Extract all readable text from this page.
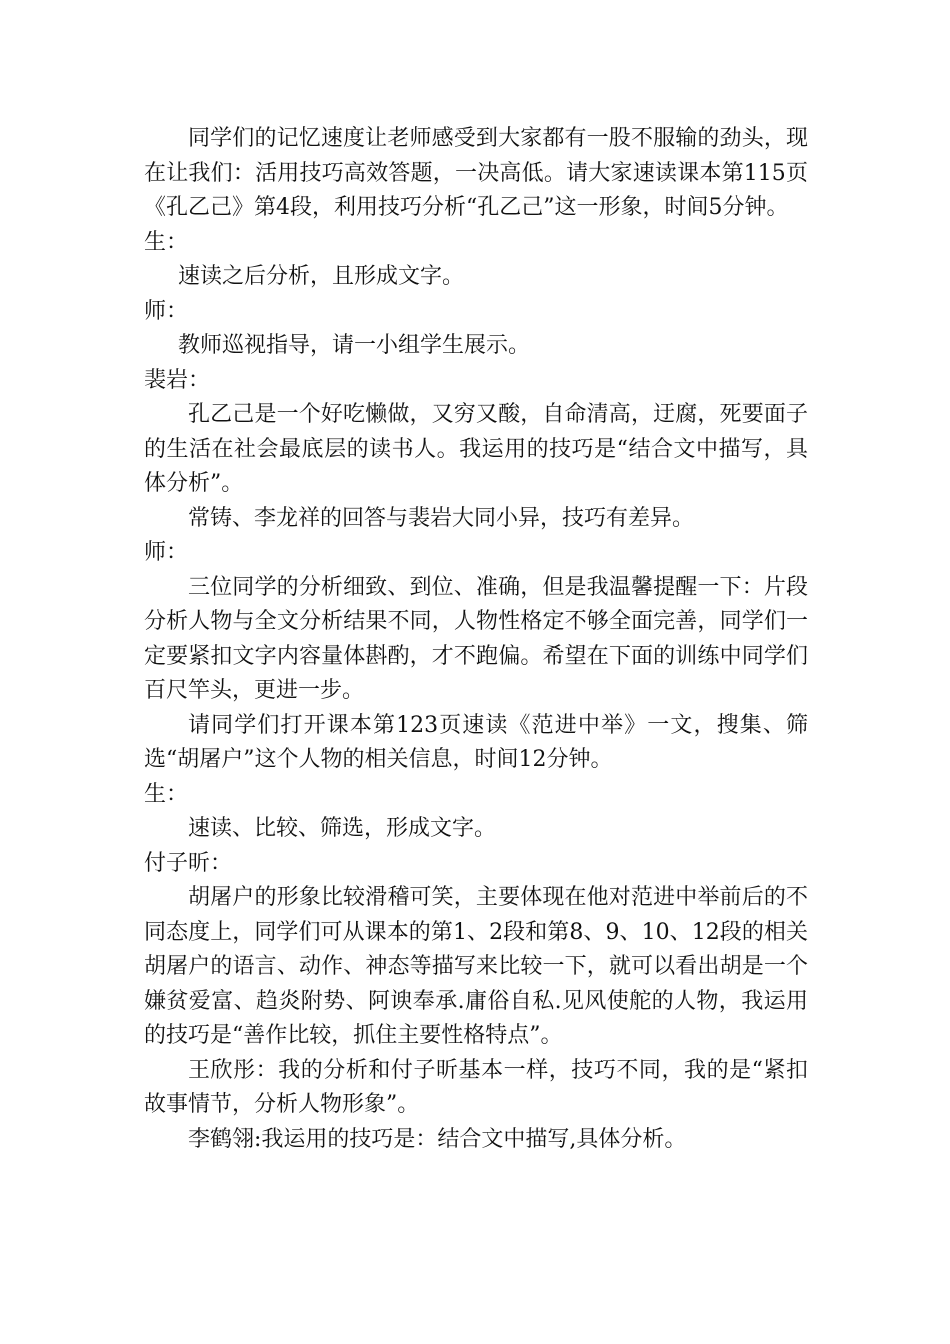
同学们的记忆速度让老师感受到大家都有一股不服输的劲头，现在让我们：活用技巧高效答题，一决高低。请大家速读课本第115页《孔乙己》第4段，利用技巧分析“孔乙己”这一形象，时间5分钟。

生：

速读之后分析，且形成文字。

师：

教师巡视指导，请一小组学生展示。

裴岩：

孔乙己是一个好吃懒做，又穷又酸，自命清高，迂腐，死要面子的生活在社会最底层的读书人。我运用的技巧是“结合文中描写，具体分析”。

常铸、李龙祥的回答与裴岩大同小异，技巧有差异。

师：

三位同学的分析细致、到位、准确，但是我温馨提醒一下：片段分析人物与全文分析结果不同，人物性格定不够全面完善，同学们一定要紧扣文字内容量体斟酌，才不跑偏。希望在下面的训练中同学们百尺竿头，更进一步。

请同学们打开课本第123页速读《范进中举》一文，搜集、筛选“胡屠户”这个人物的相关信息，时间12分钟。

生：

速读、比较、筛选，形成文字。

付子昕：

胡屠户的形象比较滑稽可笑，主要体现在他对范进中举前后的不同态度上，同学们可从课本的第1、2段和第8、9、10、12段的相关胡屠户的语言、动作、神态等描写来比较一下，就可以看出胡是一个嫌贫爱富、趋炎附势、阿谀奉承.庸俗自私.见风使舵的人物，我运用的技巧是“善作比较，抓住主要性格特点”。

王欣彤：我的分析和付子昕基本一样，技巧不同，我的是“紧扣故事情节，分析人物形象”。

李鹤翎:我运用的技巧是：结合文中描写,具体分析。
